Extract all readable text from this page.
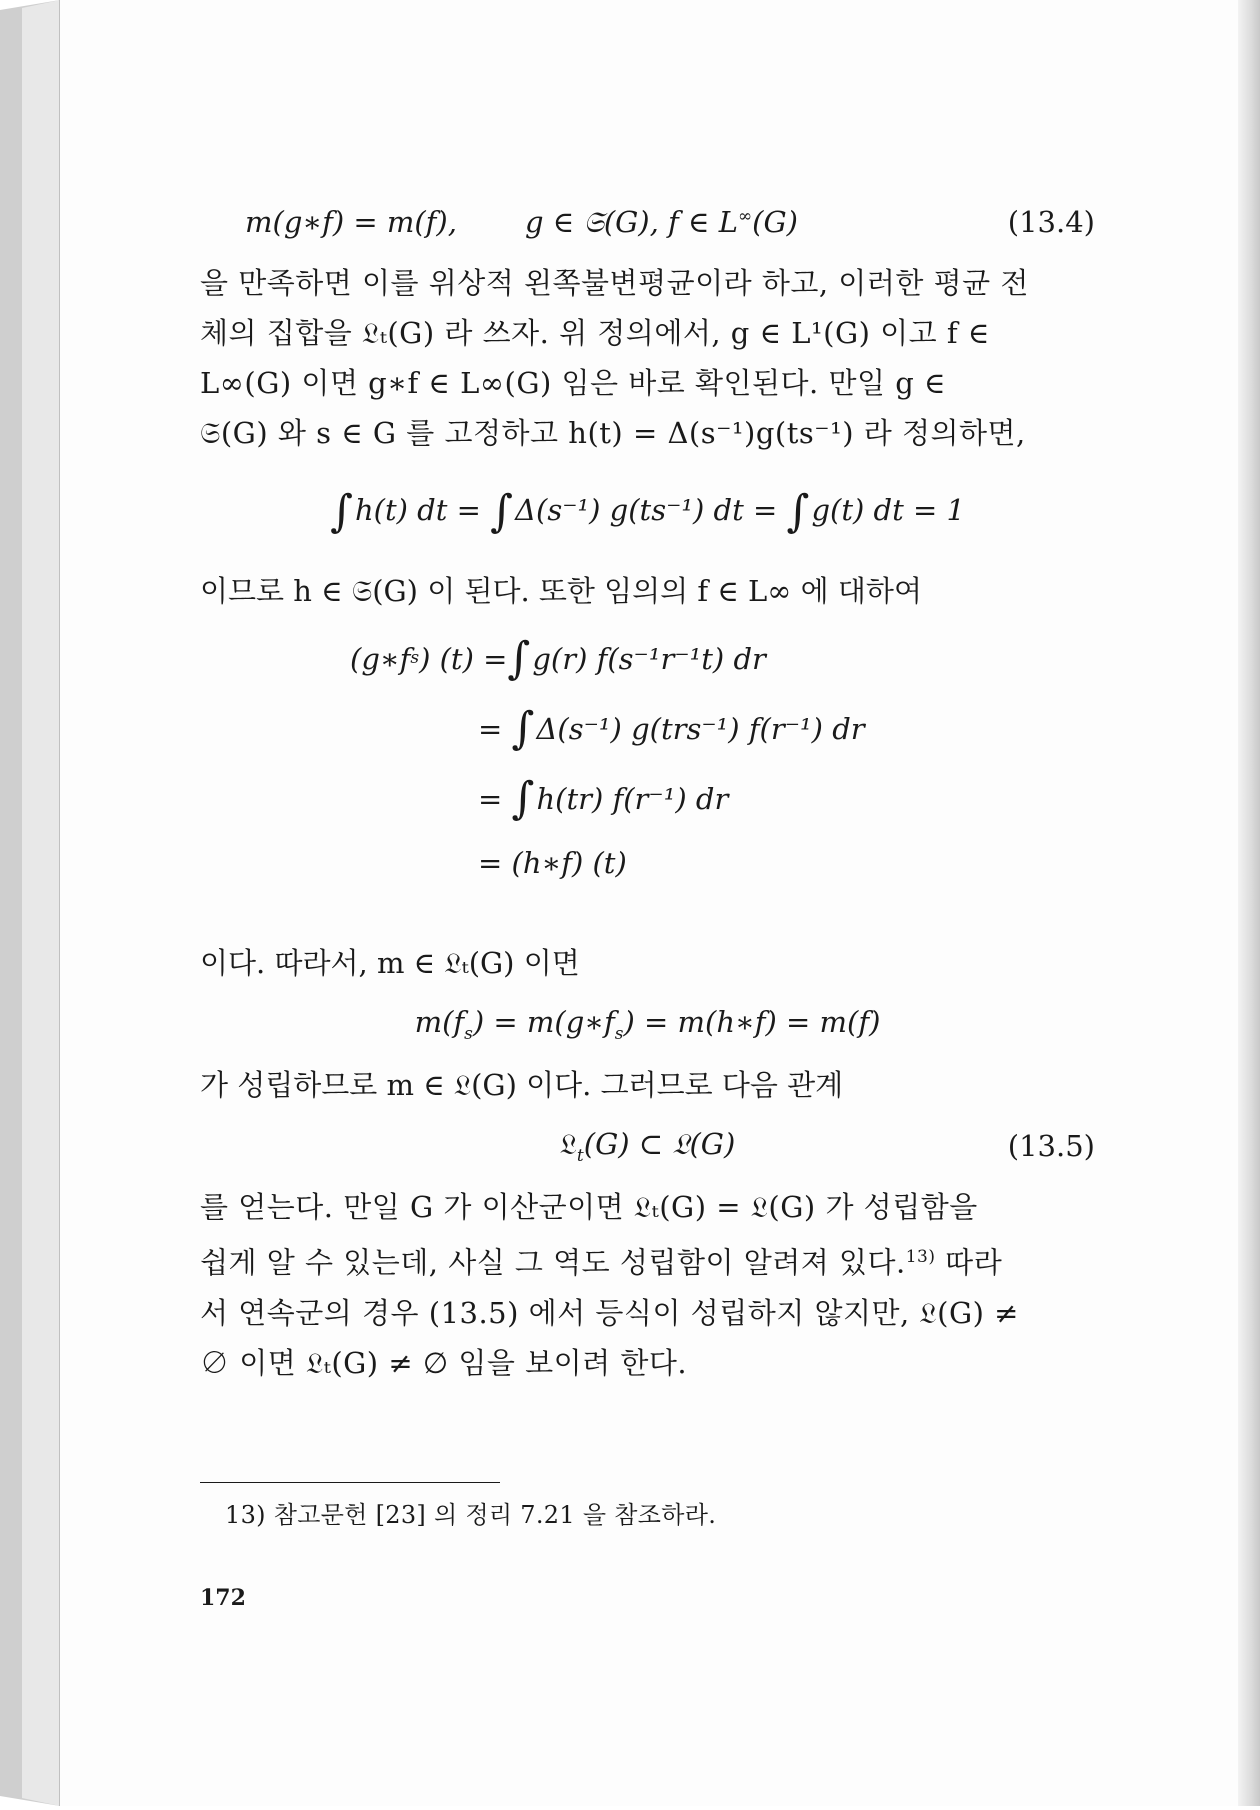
m(g∗f) = m(f), g ∈ 𝔖(G), f ∈ L∞(G)	(13.4)

을 만족하면 이를 위상적 왼쪽불변평균이라 하고, 이러한 평균 전
체의 집합을 𝔏ₜ(G) 라 쓰자. 위 정의에서, g ∈ L¹(G) 이고 f ∈
L∞(G) 이면 g∗f ∈ L∞(G) 임은 바로 확인된다. 만일 g ∈
𝔖(G) 와 s ∈ G 를 고정하고 h(t) = Δ(s⁻¹)g(ts⁻¹) 라 정의하면,

∫h(t) dt = ∫Δ(s⁻¹) g(ts⁻¹) dt = ∫g(t) dt = 1

이므로 h ∈ 𝔖(G) 이 된다. 또한 임의의 f ∈ L∞ 에 대하여

(g∗f s ) (t) = ∫ g(r) f(s⁻¹r⁻¹t) dr
=
∫ Δ(s⁻¹) g(trs⁻¹) f(r⁻¹) dr
=
∫ h(tr) f(r⁻¹) dr
= (h∗f) (t)

이다. 따라서, m ∈ 𝔏ₜ(G) 이면

$m(f_s)$ = $m(g∗f_s)$ = m(h∗f) = m(f)

가 성립하므로 m ∈ 𝔏(G) 이다. 그러므로 다음 관계

𝔏$_t$(G) ⊂ 𝔏(G)	(13.5)

를 얻는다. 만일 G 가 이산군이면 𝔏ₜ(G) = 𝔏(G) 가 성립함을
쉽게 알 수 있는데, 사실 그 역도 성립함이 알려져 있다.$^{13)}$ 따라
서 연속군의 경우 (13.5) 에서 등식이 성립하지 않지만, 𝔏(G) ≠
∅ 이면 𝔏ₜ(G) ≠ ∅ 임을 보이려 한다.

13) 참고문헌 [23] 의 정리 7.21 을 참조하라.
172
